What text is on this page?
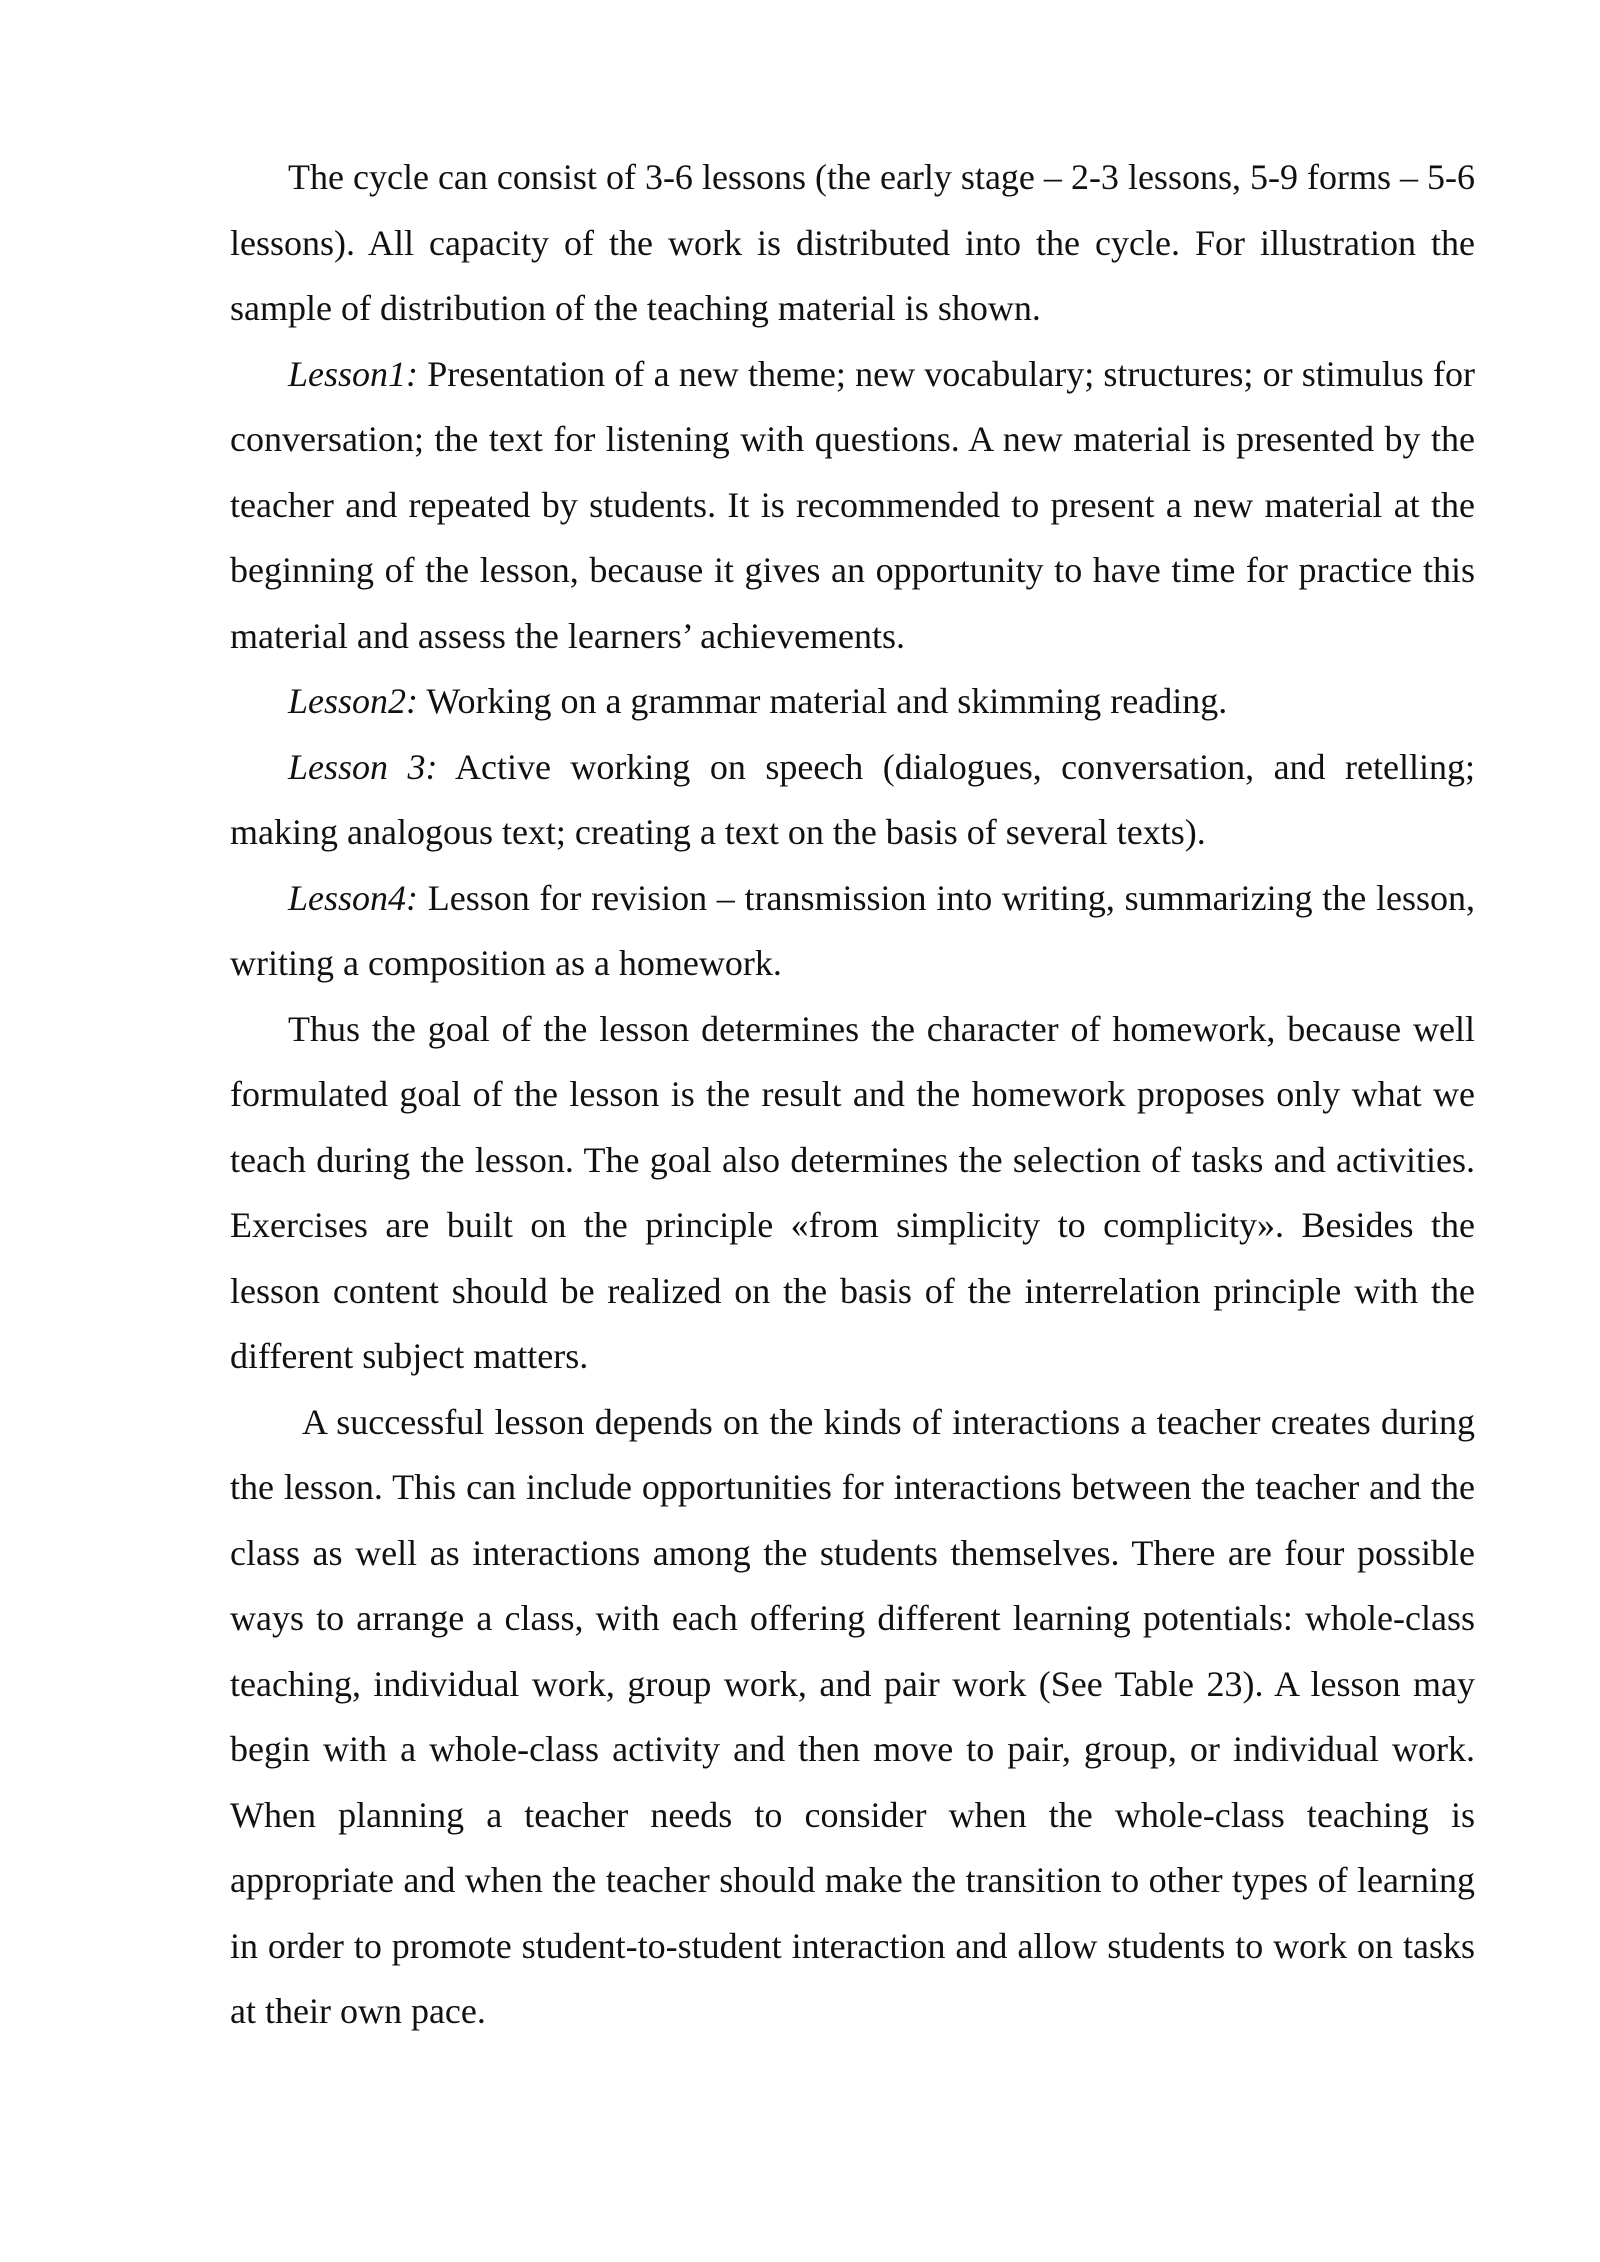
The cycle can consist of 3-6 lessons (the early stage – 2-3 lessons, 5-9 forms – 5-6 lessons). All capacity of the work is distributed into the cycle. For illustration the sample of distribution of the teaching material is shown.

Lesson1: Presentation of a new theme; new vocabulary; structures; or stimulus for conversation; the text for listening with questions. A new material is presented by the teacher and repeated by students. It is recommended to present a new material at the beginning of the lesson, because it gives an opportunity to have time for practice this material and assess the learners’ achievements.

Lesson2: Working on a grammar material and skimming reading.

Lesson 3: Active working on speech (dialogues, conversation, and retelling; making analogous text; creating a text on the basis of several texts).

Lesson4: Lesson for revision – transmission into writing, summarizing the lesson, writing a composition as a homework.

Thus the goal of the lesson determines the character of homework, because well formulated goal of the lesson is the result and the homework proposes only what we teach during the lesson. The goal also determines the selection of tasks and activities. Exercises are built on the principle «from simplicity to complicity». Besides the lesson content should be realized on the basis of the interrelation principle with the different subject matters.

A successful lesson depends on the kinds of interactions a teacher creates during the lesson. This can include opportunities for interactions between the teacher and the class as well as interactions among the students themselves. There are four possible ways to arrange a class, with each offering different learning potentials: whole-class teaching, individual work, group work, and pair work (See Table 23). A lesson may begin with a whole-class activity and then move to pair, group, or individual work. When planning a teacher needs to consider when the whole-class teaching is appropriate and when the teacher should make the transition to other types of learning in order to promote student-to-student interaction and allow students to work on tasks at their own pace.
